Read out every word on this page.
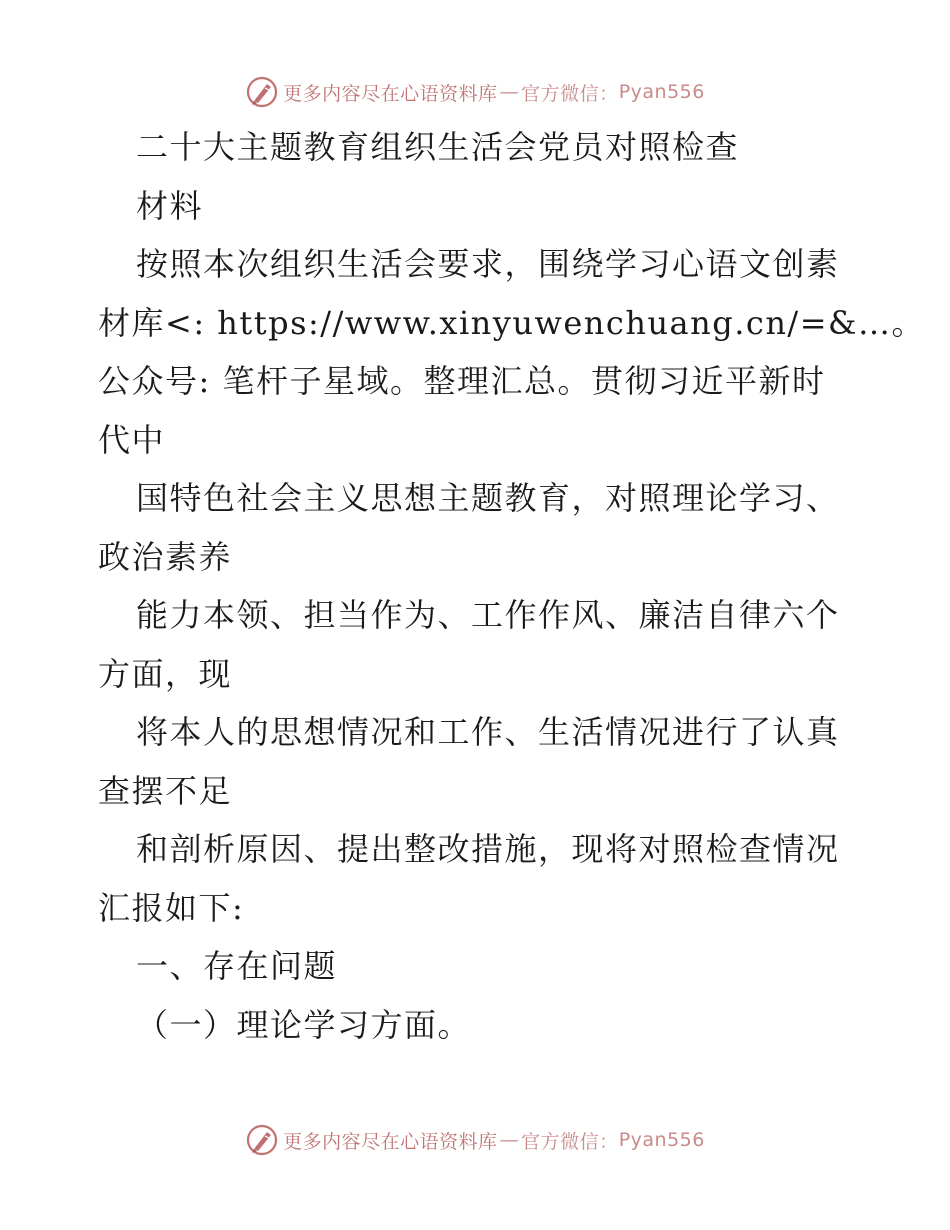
更多内容尽在心语资料库 — 官方微信： Pyan556
二十大主题教育组织生活会党员对照检查
材料
按照本次组织生活会要求，围绕学习心语文创素
材库<: https://www.xinyuwenchuang.cn/=&…。
公众号: 笔杆子星域。整理汇总。贯彻习近平新时
代中
国特色社会主义思想主题教育，对照理论学习、
政治素养
能力本领、担当作为、工作作风、廉洁自律六个
方面，现
将本人的思想情况和工作、生活情况进行了认真
查摆不足
和剖析原因、提出整改措施，现将对照检查情况
汇报如下:
一、存在问题
（一）理论学习方面。
更多内容尽在心语资料库 — 官方微信： Pyan556
